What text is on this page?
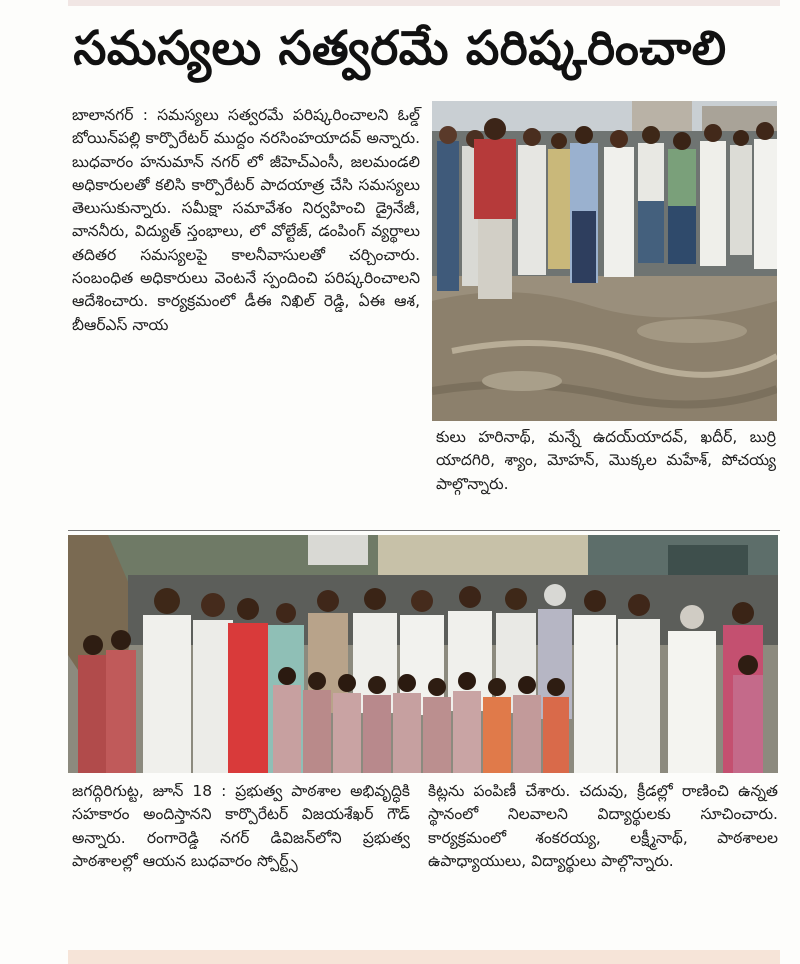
సమస్యలు సత్వరమే పరిష్కరించాలి

బాలానగర్ : సమస్యలు సత్వరమే పరిష్కరించాలని ఓల్డ్ బోయిన్‌పల్లి కార్పొరేటర్ ముద్దం నరసింహయాదవ్ అన్నారు. బుధవారం హనుమాన్ నగర్ లో జీహెచ్‌ఎంసీ, జలమండలి అధికారులతో కలిసి కార్పొరేటర్ పాదయాత్ర చేసి సమస్యలు తెలుసుకున్నారు. సమీక్షా సమావేశం నిర్వహించి డ్రైనేజీ, వాననీరు, విద్యుత్ స్తంభాలు, లో వోల్టేజ్, డంపింగ్ వ్యర్థాలు తదితర సమస్యలపై కాలనీవాసులతో చర్చించారు. సంబంధిత అధికారులు వెంటనే స్పందించి పరిష్కరించాలని ఆదేశించారు. కార్యక్రమంలో డీఈ నిఖిల్ రెడ్డి, ఏఈ ఆశ, బీఆర్ఎస్ నాయ

కులు హరినాథ్, మన్నే ఉదయ్‌యాదవ్, ఖదీర్, బుర్రి యాదగిరి, శ్యాం, మోహన్, మొక్కల మహేశ్, పోచయ్య పాల్గొన్నారు.

జగద్గిరిగుట్ట, జూన్ 18 : ప్రభుత్వ పాఠశాల అభివృద్ధికి సహకారం అందిస్తానని కార్పొరేటర్ విజయశేఖర్ గౌడ్ అన్నారు. రంగారెడ్డి నగర్ డివిజన్‌లోని ప్రభుత్వ పాఠశాలల్లో ఆయన బుధవారం స్పోర్ట్స్

కిట్లను పంపిణీ చేశారు. చదువు, క్రీడల్లో రాణించి ఉన్నత స్థానంలో నిలవాలని విద్యార్థులకు సూచించారు. కార్యక్రమంలో శంకరయ్య, లక్ష్మీనాథ్, పాఠశాలల ఉపాధ్యాయులు, విద్యార్థులు పాల్గొన్నారు.
